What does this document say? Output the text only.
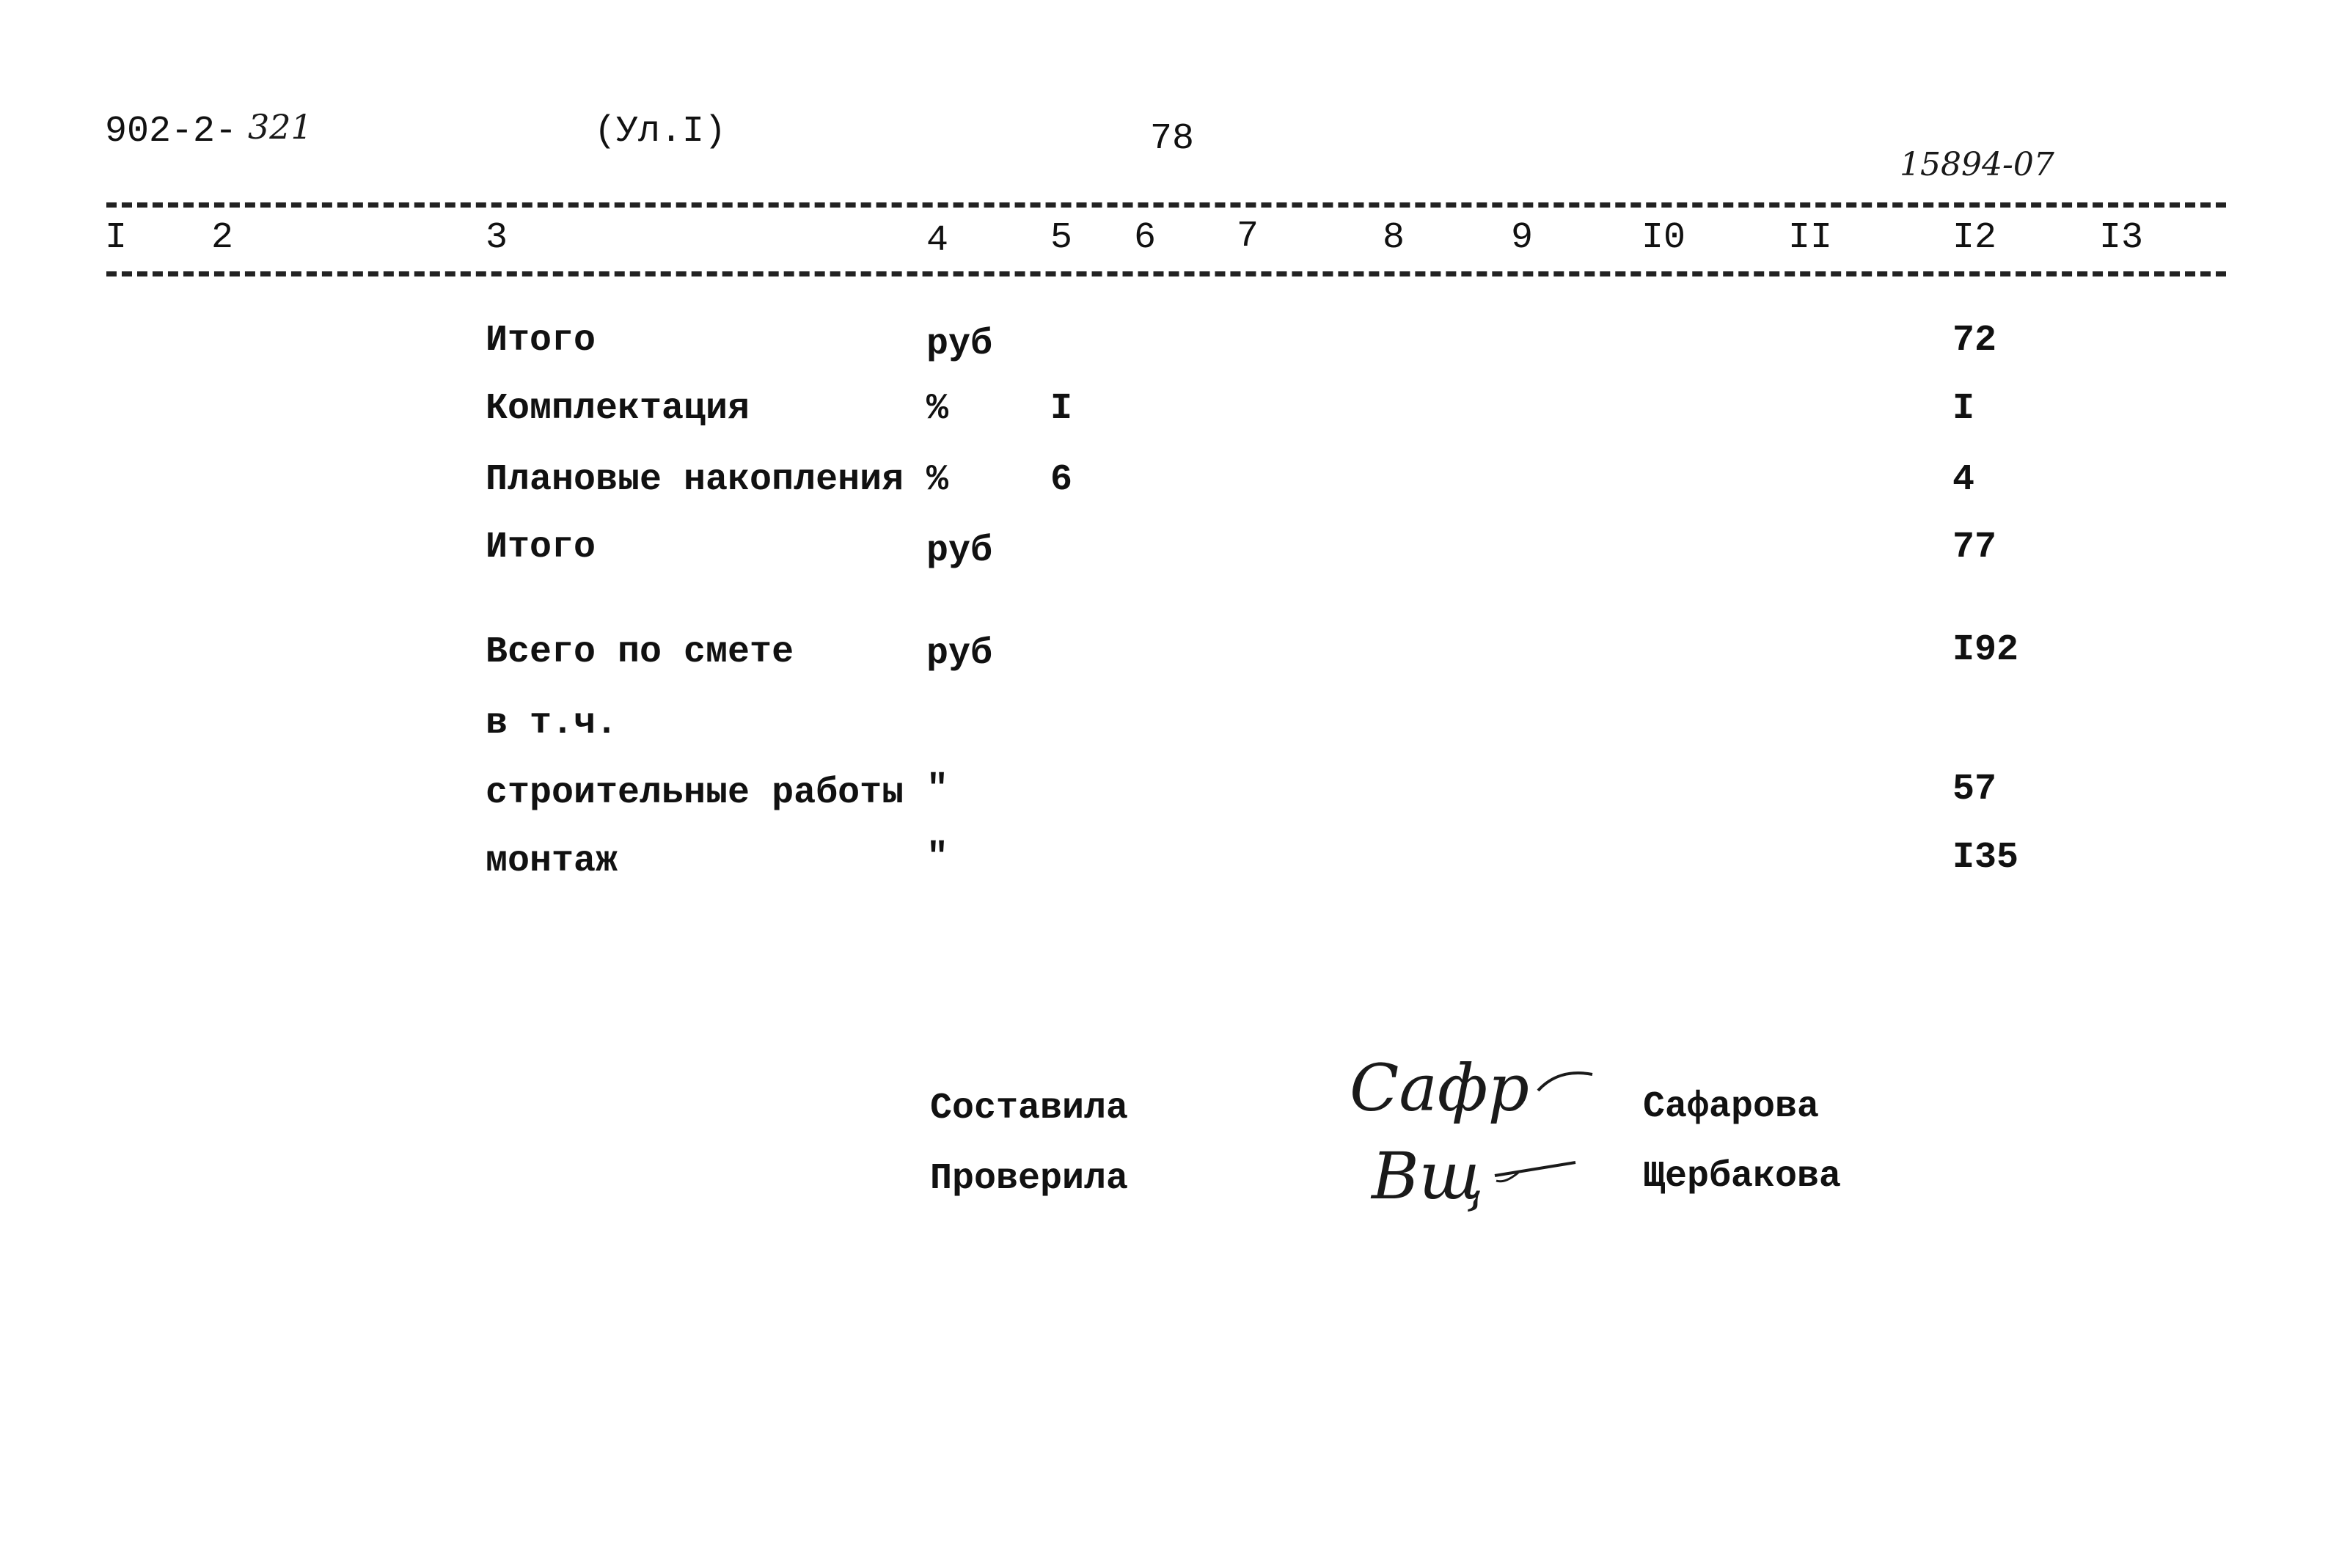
902-2- 321	(Ул.I)	78
15894-07
I 2	3	4	5 6 7	8	9	I0	II	I2	I3
Итого	руб	72
Комплектация	%	I	I
Плановые накопления %	6	4
Итого	руб	77
Всего по смете	руб	I92
в т.ч.
строительные работы "	57
монтаж	"	I35
Составила	Сафр	Сафарова
Проверила	Вщ	Щербакова
